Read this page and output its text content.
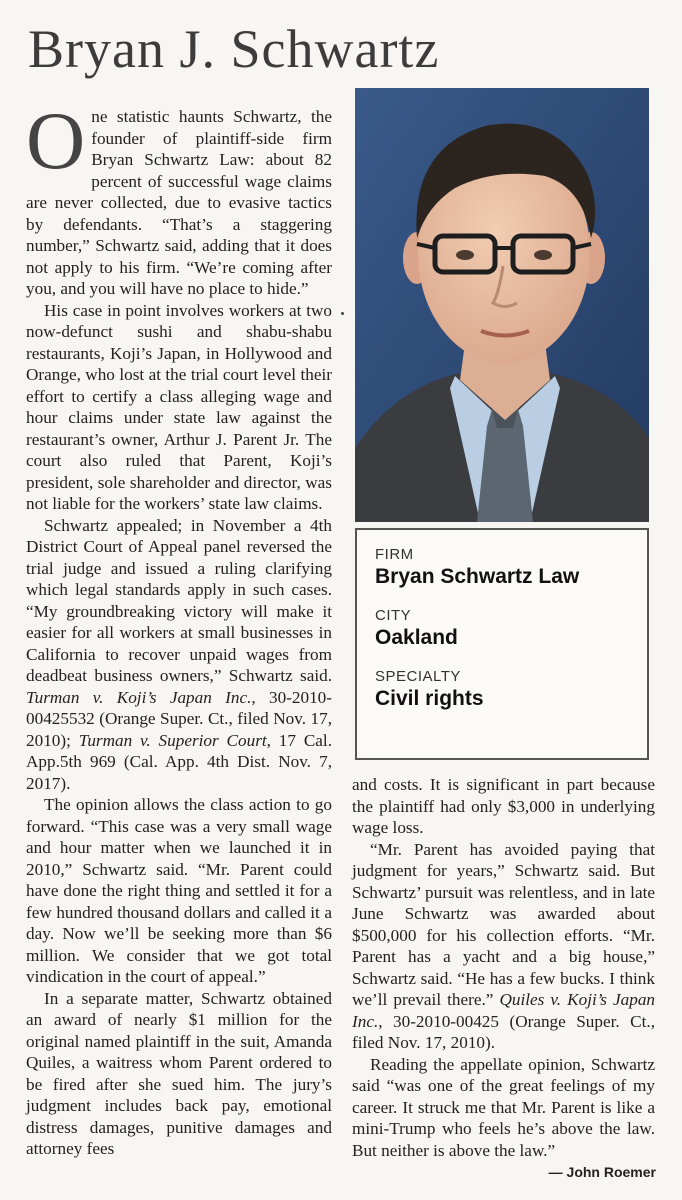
Bryan J. Schwartz

One statistic haunts Schwartz, the founder of plaintiff-side firm Bryan Schwartz Law: about 82 percent of successful wage claims are never collected, due to evasive tactics by defendants. “That’s a staggering number,” Schwartz said, adding that it does not apply to his firm. “We’re coming after you, and you will have no place to hide.”

His case in point involves workers at two now-defunct sushi and shabu-shabu restaurants, Koji’s Japan, in Hollywood and Orange, who lost at the trial court level their effort to certify a class alleging wage and hour claims under state law against the restaurant’s owner, Arthur J. Parent Jr. The court also ruled that Parent, Koji’s president, sole shareholder and director, was not liable for the workers’ state law claims.

Schwartz appealed; in November a 4th District Court of Appeal panel reversed the trial judge and issued a ruling clarifying which legal standards apply in such cases. “My groundbreaking victory will make it easier for all workers at small businesses in California to recover unpaid wages from deadbeat business owners,” Schwartz said. Turman v. Koji’s Japan Inc., 30-2010-00425532 (Orange Super. Ct., filed Nov. 17, 2010); Turman v. Superior Court, 17 Cal. App.5th 969 (Cal. App. 4th Dist. Nov. 7, 2017).

The opinion allows the class action to go forward. “This case was a very small wage and hour matter when we launched it in 2010,” Schwartz said. “Mr. Parent could have done the right thing and settled it for a few hundred thousand dollars and called it a day. Now we’ll be seeking more than $6 million. We consider that we got total vindication in the court of appeal.”

In a separate matter, Schwartz obtained an award of nearly $1 million for the original named plaintiff in the suit, Amanda Quiles, a waitress whom Parent ordered to be fired after she sued him. The jury’s judgment includes back pay, emotional distress damages, punitive damages and attorney fees

FIRM
Bryan Schwartz Law
CITY
Oakland
SPECIALTY
Civil rights

and costs. It is significant in part because the plaintiff had only $3,000 in underlying wage loss.

“Mr. Parent has avoided paying that judgment for years,” Schwartz said. But Schwartz’ pursuit was relentless, and in late June Schwartz was awarded about $500,000 for his collection efforts. “Mr. Parent has a yacht and a big house,” Schwartz said. “He has a few bucks. I think we’ll prevail there.” Quiles v. Koji’s Japan Inc., 30-2010-00425 (Orange Super. Ct., filed Nov. 17, 2010).

Reading the appellate opinion, Schwartz said “was one of the great feelings of my career. It struck me that Mr. Parent is like a mini-Trump who feels he’s above the law. But neither is above the law.”

— John Roemer
